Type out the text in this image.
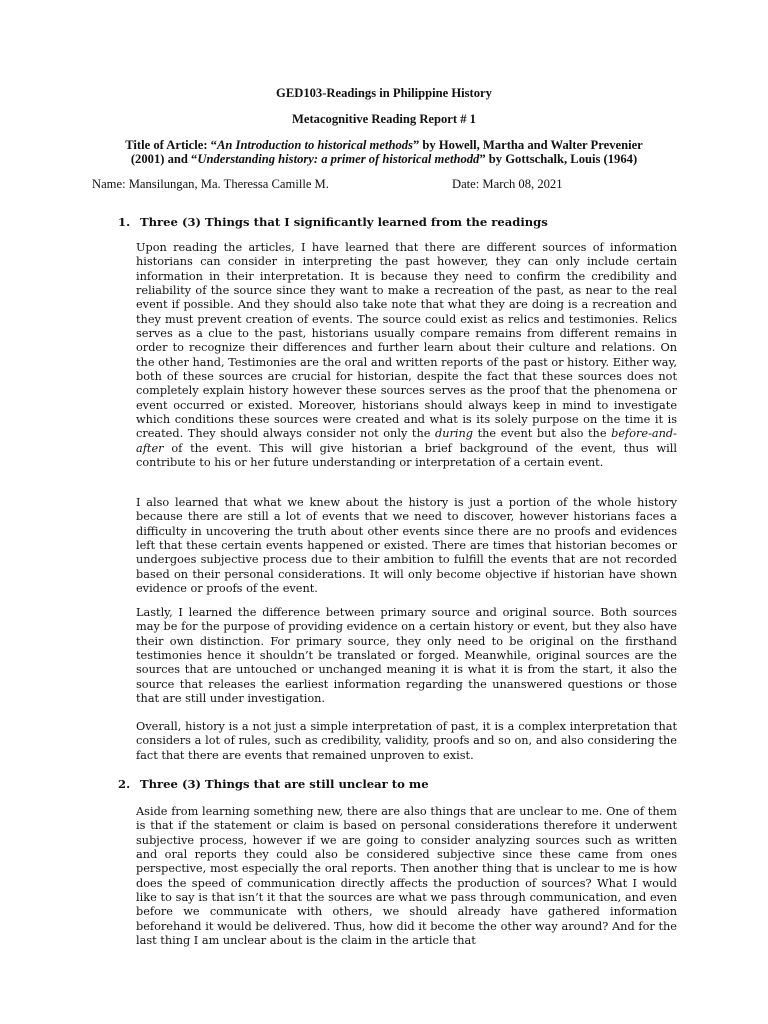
GED103-Readings in Philippine History
Metacognitive Reading Report # 1
Title of Article: “An Introduction to historical methods” by Howell, Martha and Walter Prevenier
(2001) and “Understanding history: a primer of historical methodd” by Gottschalk, Louis (1964)
Name: Mansilungan, Ma. Theressa Camille M.	Date: March 08, 2021
1. Three (3) Things that I significantly learned from the readings
Upon reading the articles, I have learned that there are different sources of information historians can consider in interpreting the past however, they can only include certain information in their interpretation. It is because they need to confirm the credibility and reliability of the source since they want to make a recreation of the past, as near to the real event if possible. And they should also take note that what they are doing is a recreation and they must prevent creation of events. The source could exist as relics and testimonies. Relics serves as a clue to the past, historians usually compare remains from different remains in order to recognize their differences and further learn about their culture and relations. On the other hand, Testimonies are the oral and written reports of the past or history. Either way, both of these sources are crucial for historian, despite the fact that these sources does not completely explain history however these sources serves as the proof that the phenomena or event occurred or existed. Moreover, historians should always keep in mind to investigate which conditions these sources were created and what is its solely purpose on the time it is created. They should always consider not only the during the event but also the before-and-after of the event. This will give historian a brief background of the event, thus will contribute to his or her future understanding or interpretation of a certain event.
I also learned that what we knew about the history is just a portion of the whole history because there are still a lot of events that we need to discover, however historians faces a difficulty in uncovering the truth about other events since there are no proofs and evidences left that these certain events happened or existed. There are times that historian becomes or undergoes subjective process due to their ambition to fulfill the events that are not recorded based on their personal considerations. It will only become objective if historian have shown evidence or proofs of the event.
Lastly, I learned the difference between primary source and original source. Both sources may be for the purpose of providing evidence on a certain history or event, but they also have their own distinction. For primary source, they only need to be original on the firsthand testimonies hence it shouldn’t be translated or forged. Meanwhile, original sources are the sources that are untouched or unchanged meaning it is what it is from the start, it also the source that releases the earliest information regarding the unanswered questions or those that are still under investigation.
Overall, history is a not just a simple interpretation of past, it is a complex interpretation that considers a lot of rules, such as credibility, validity, proofs and so on, and also considering the fact that there are events that remained unproven to exist.
2. Three (3) Things that are still unclear to me
Aside from learning something new, there are also things that are unclear to me. One of them is that if the statement or claim is based on personal considerations therefore it underwent subjective process, however if we are going to consider analyzing sources such as written and oral reports they could also be considered subjective since these came from ones perspective, most especially the oral reports. Then another thing that is unclear to me is how does the speed of communication directly affects the production of sources? What I would like to say is that isn’t it that the sources are what we pass through communication, and even before we communicate with others, we should already have gathered information beforehand it would be delivered. Thus, how did it become the other way around? And for the last thing I am unclear about is the claim in the article that
